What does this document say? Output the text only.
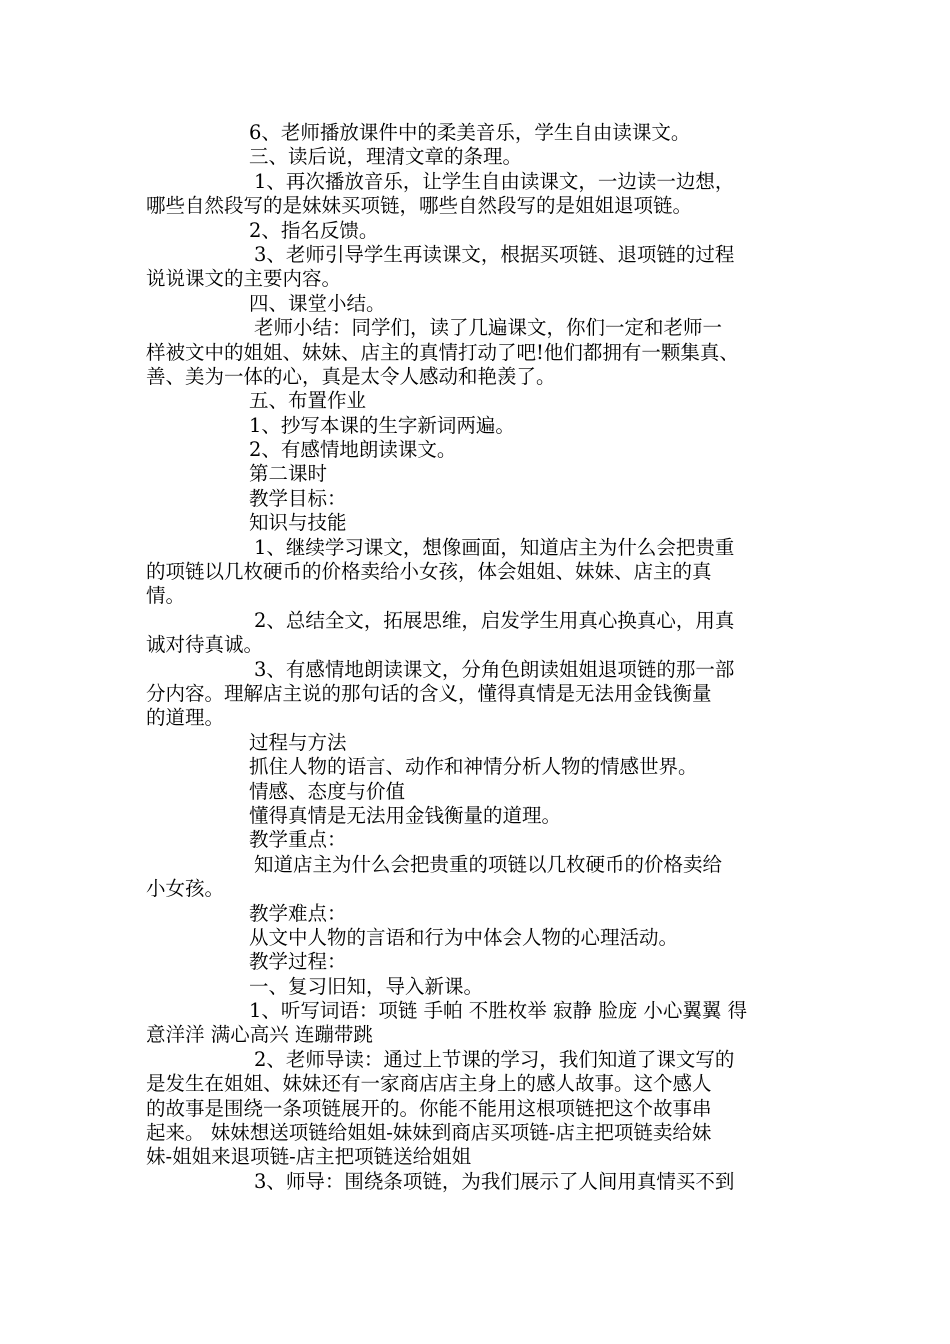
6、老师播放课件中的柔美音乐，学生自由读课文。
三、读后说，理清文章的条理。
1、再次播放音乐，让学生自由读课文，一边读一边想，
哪些自然段写的是妹妹买项链，哪些自然段写的是姐姐退项链。
2、指名反馈。
3、老师引导学生再读课文，根据买项链、退项链的过程
说说课文的主要内容。
四、课堂小结。
老师小结：同学们，读了几遍课文，你们一定和老师一
样被文中的姐姐、妹妹、店主的真情打动了吧!他们都拥有一颗集真、
善、美为一体的心，真是太令人感动和艳羡了。
五、布置作业
1、抄写本课的生字新词两遍。
2、有感情地朗读课文。
第二课时
教学目标：
知识与技能
1、继续学习课文，想像画面，知道店主为什么会把贵重
的项链以几枚硬币的价格卖给小女孩，体会姐姐、妹妹、店主的真
情。
2、总结全文，拓展思维，启发学生用真心换真心，用真
诚对待真诚。
3、有感情地朗读课文，分角色朗读姐姐退项链的那一部
分内容。理解店主说的那句话的含义，懂得真情是无法用金钱衡量
的道理。
过程与方法
抓住人物的语言、动作和神情分析人物的情感世界。
情感、态度与价值
懂得真情是无法用金钱衡量的道理。
教学重点：
知道店主为什么会把贵重的项链以几枚硬币的价格卖给
小女孩。
教学难点：
从文中人物的言语和行为中体会人物的心理活动。
教学过程：
一、复习旧知，导入新课。
1、听写词语：项链 手帕 不胜枚举 寂静 脸庞 小心翼翼 得
意洋洋 满心高兴 连蹦带跳
2、老师导读：通过上节课的学习，我们知道了课文写的
是发生在姐姐、妹妹还有一家商店店主身上的感人故事。这个感人
的故事是围绕一条项链展开的。你能不能用这根项链把这个故事串
起来。 妹妹想送项链给姐姐-妹妹到商店买项链-店主把项链卖给妹
妹-姐姐来退项链-店主把项链送给姐姐
3、师导：围绕条项链，为我们展示了人间用真情买不到
